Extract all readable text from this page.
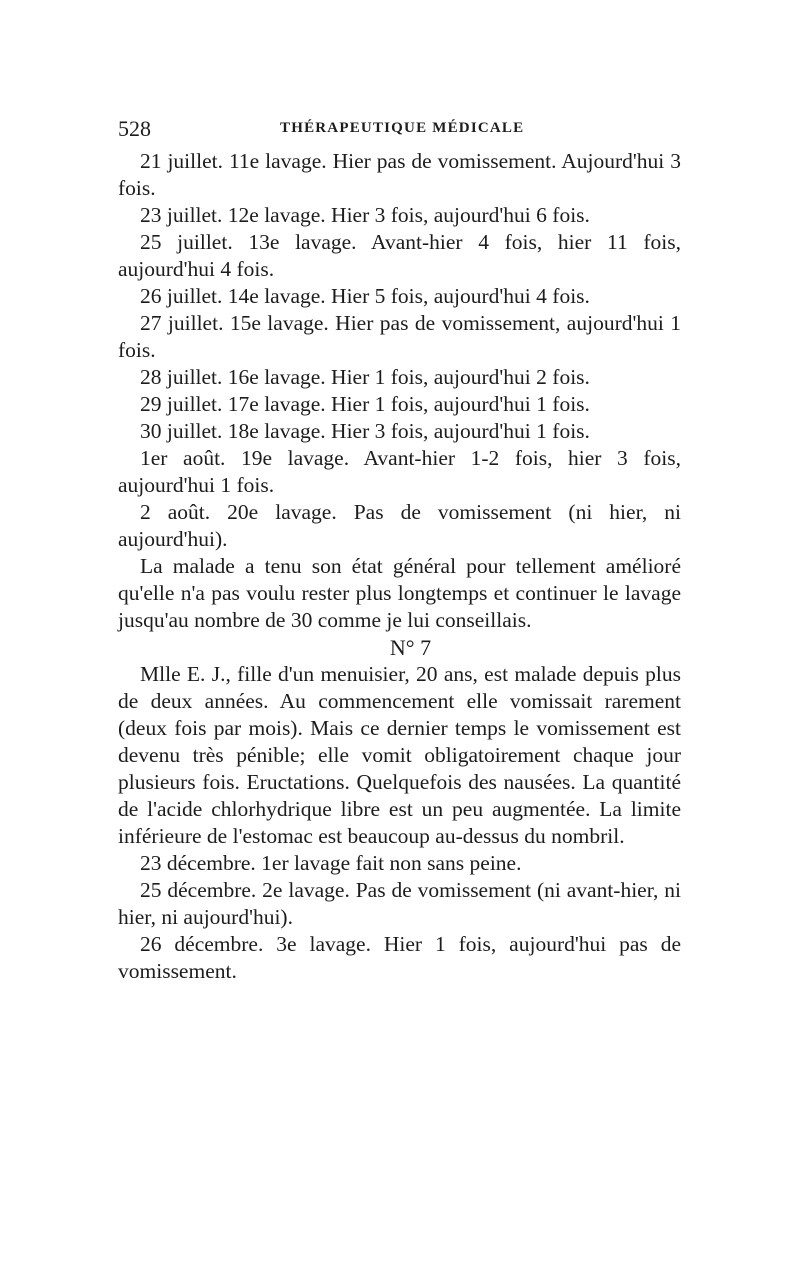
528	THÉRAPEUTIQUE MÉDICALE

21 juillet. 11e lavage. Hier pas de vomissement. Aujourd'hui 3 fois.

23 juillet. 12e lavage. Hier 3 fois, aujourd'hui 6 fois.

25 juillet. 13e lavage. Avant-hier 4 fois, hier 11 fois, aujourd'hui 4 fois.

26 juillet. 14e lavage. Hier 5 fois, aujourd'hui 4 fois.

27 juillet. 15e lavage. Hier pas de vomissement, aujourd'hui 1 fois.

28 juillet. 16e lavage. Hier 1 fois, aujourd'hui 2 fois.

29 juillet. 17e lavage. Hier 1 fois, aujourd'hui 1 fois.

30 juillet. 18e lavage. Hier 3 fois, aujourd'hui 1 fois.

1er août. 19e lavage. Avant-hier 1-2 fois, hier 3 fois, aujourd'hui 1 fois.

2 août. 20e lavage. Pas de vomissement (ni hier, ni aujourd'hui).

La malade a tenu son état général pour tellement amélioré qu'elle n'a pas voulu rester plus longtemps et continuer le lavage jusqu'au nombre de 30 comme je lui conseillais.

N° 7

Mlle E. J., fille d'un menuisier, 20 ans, est malade depuis plus de deux années. Au commencement elle vomissait rarement (deux fois par mois). Mais ce dernier temps le vomissement est devenu très pénible; elle vomit obligatoirement chaque jour plusieurs fois. Eructations. Quelquefois des nausées. La quantité de l'acide chlorhydrique libre est un peu augmentée. La limite inférieure de l'estomac est beaucoup au-dessus du nombril.

23 décembre. 1er lavage fait non sans peine.

25 décembre. 2e lavage. Pas de vomissement (ni avant-hier, ni hier, ni aujourd'hui).

26 décembre. 3e lavage. Hier 1 fois, aujourd'hui pas de vomissement.
